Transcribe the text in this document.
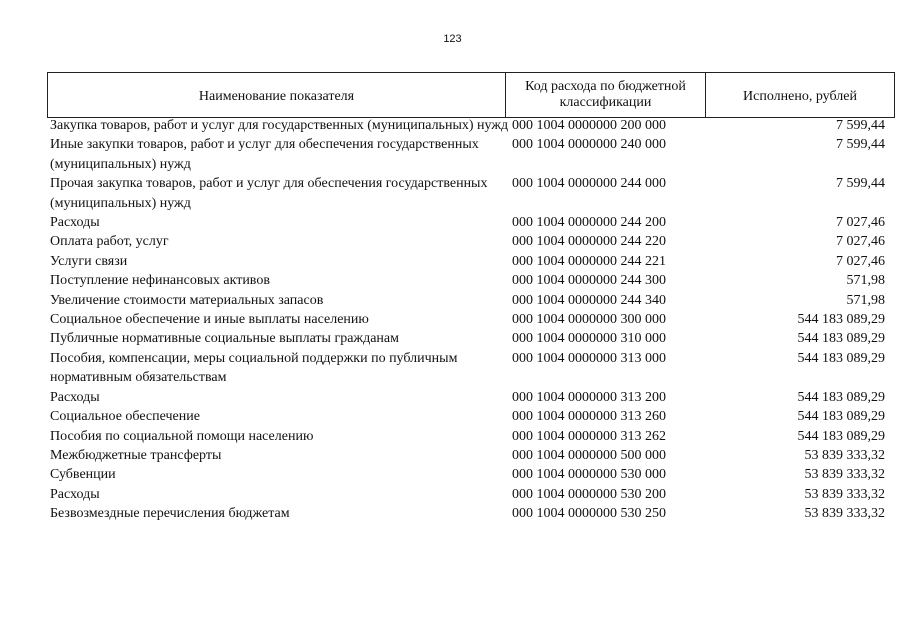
123
Наименование показателя
Код расхода по бюджетной классификации	Исполнено, рублей
Закупка товаров, работ и услуг для государственных (муниципальных) нужд 000 1004 0000000 200 000	7 599,44
Иные закупки товаров, работ и услуг для обеспечения государственных (муниципальных) нужд
000 1004 0000000 240 000	7 599,44
Прочая закупка товаров, работ и услуг для обеспечения государственных (муниципальных) нужд
000 1004 0000000 244 000	7 599,44
Расходы	000 1004 0000000 244 200	7 027,46
Оплата работ, услуг	000 1004 0000000 244 220	7 027,46
Услуги связи	000 1004 0000000 244 221	7 027,46
Поступление нефинансовых активов	000 1004 0000000 244 300	571,98
Увеличение стоимости материальных запасов	000 1004 0000000 244 340	571,98
Социальное обеспечение и иные выплаты населению	000 1004 0000000 300 000	544 183 089,29
Публичные нормативные социальные выплаты гражданам	000 1004 0000000 310 000	544 183 089,29
Пособия, компенсации, меры социальной поддержки по публичным нормативным обязательствам
000 1004 0000000 313 000	544 183 089,29
Расходы	000 1004 0000000 313 200	544 183 089,29
Социальное обеспечение	000 1004 0000000 313 260	544 183 089,29
Пособия по социальной помощи населению	000 1004 0000000 313 262	544 183 089,29
Межбюджетные трансферты	000 1004 0000000 500 000	53 839 333,32
Субвенции	000 1004 0000000 530 000	53 839 333,32
Расходы	000 1004 0000000 530 200	53 839 333,32
Безвозмездные перечисления бюджетам	000 1004 0000000 530 250	53 839 333,32
